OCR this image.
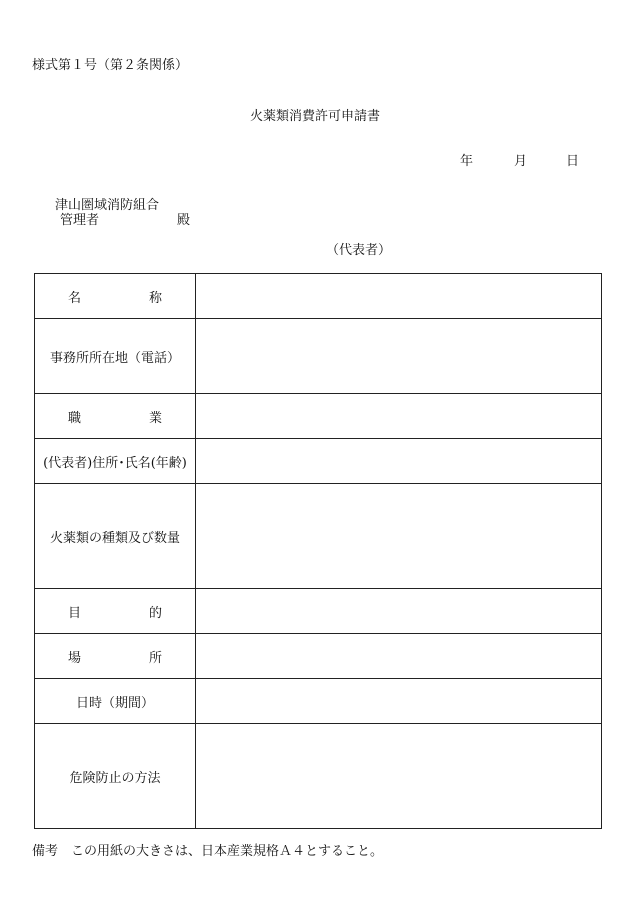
様式第１号（第２条関係）
火薬類消費許可申請書
年	月	日
津山圏域消防組合
管理者	殿
（代表者）
名 称	

事務所所在地（電話）	

職 業	

(代表者)住所･氏名(年齢)	

火薬類の種類及び数量	

目 的	

場 所	

日時（期間）	

危険防止の方法	

備考　この用紙の大きさは、日本産業規格Ａ４とすること。
